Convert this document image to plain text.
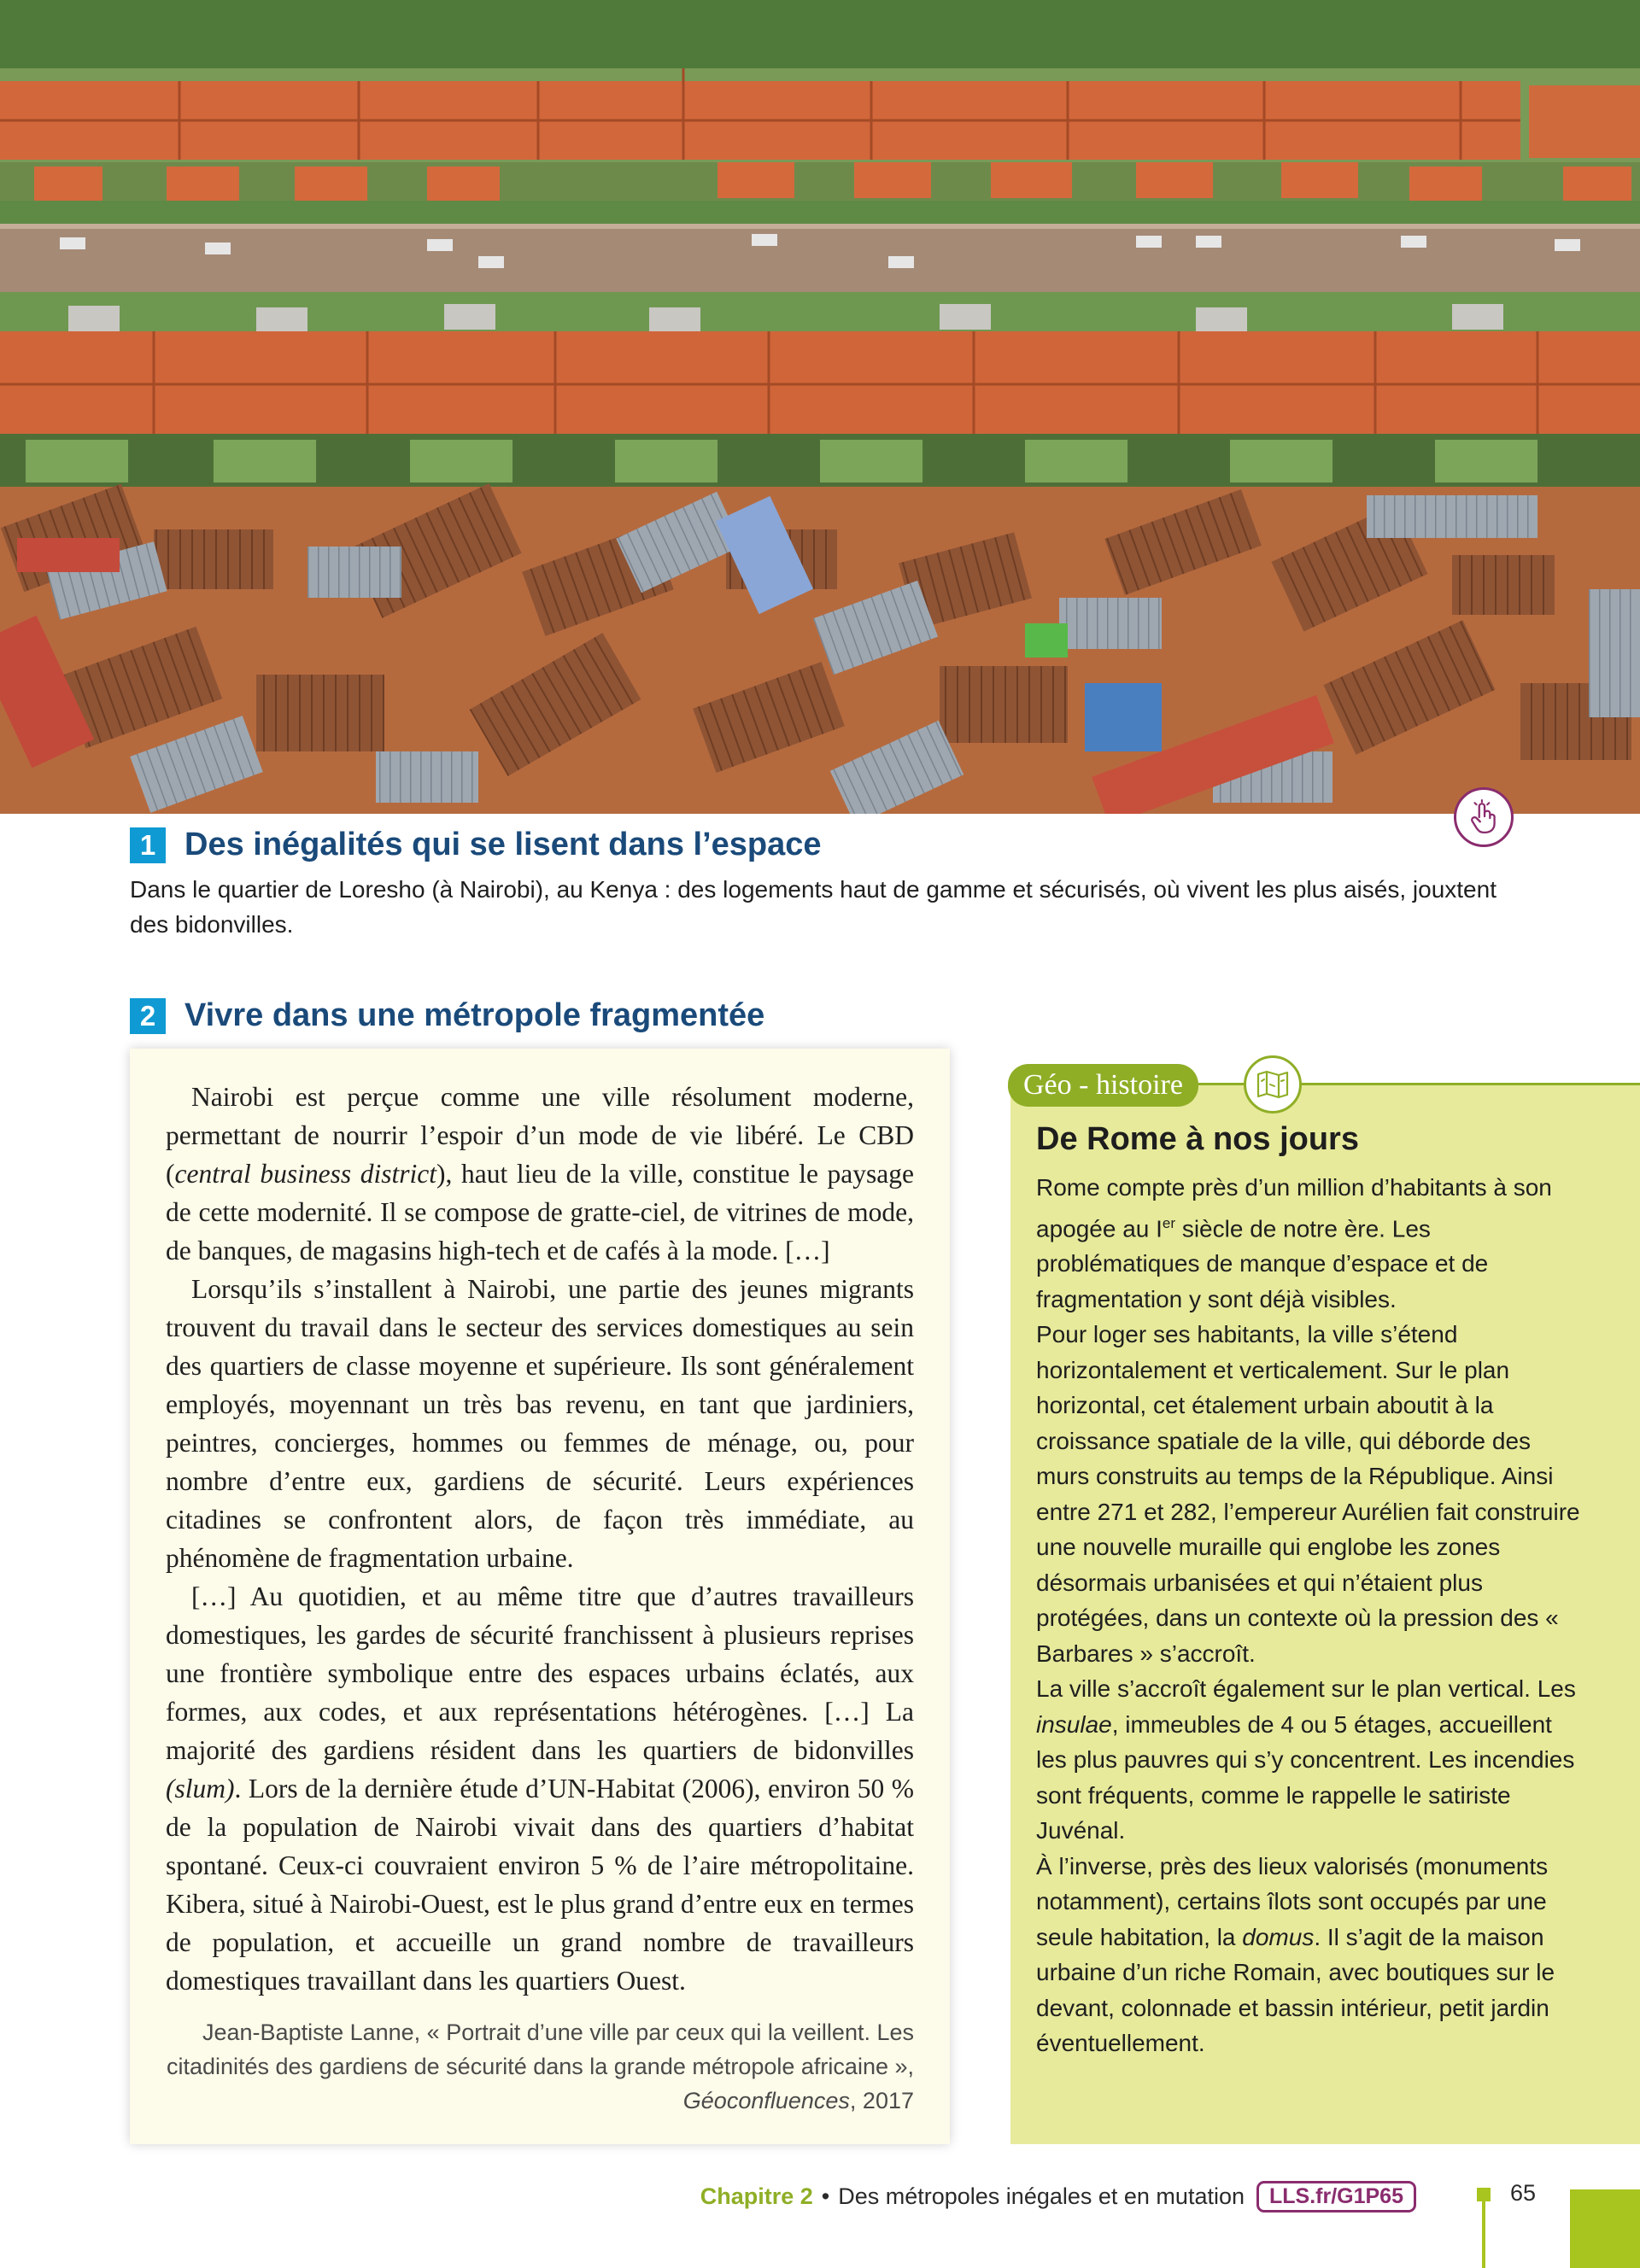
1 Des inégalités qui se lisent dans l’espace
Dans le quartier de Loresho (à Nairobi), au Kenya : des logements haut de gamme et sécurisés, où vivent les plus aisés, jouxtent des bidonvilles.
2 Vivre dans une métropole fragmentée

Nairobi est perçue comme une ville résolument moderne, permettant de nourrir l’espoir d’un mode de vie libéré. Le CBD (central business district), haut lieu de la ville, constitue le paysage de cette modernité. Il se compose de gratte-ciel, de vitrines de mode, de banques, de magasins high-tech et de cafés à la mode. […]

Lorsqu’ils s’installent à Nairobi, une partie des jeunes migrants trouvent du travail dans le secteur des services domestiques au sein des quartiers de classe moyenne et supérieure. Ils sont généralement employés, moyennant un très bas revenu, en tant que jardiniers, peintres, concierges, hommes ou femmes de ménage, ou, pour nombre d’entre eux, gardiens de sécurité. Leurs expériences citadines se confrontent alors, de façon très immédiate, au phénomène de fragmentation urbaine.

[…] Au quotidien, et au même titre que d’autres travailleurs domestiques, les gardes de sécurité franchissent à plusieurs reprises une frontière symbolique entre des espaces urbains éclatés, aux formes, aux codes, et aux représentations hétérogènes. […] La majorité des gardiens résident dans les quartiers de bidonvilles (slum). Lors de la dernière étude d’UN-Habitat (2006), environ 50 % de la population de Nairobi vivait dans des quartiers d’habitat spontané. Ceux-ci couvraient environ 5 % de l’aire métropolitaine. Kibera, situé à Nairobi-Ouest, est le plus grand d’entre eux en termes de population, et accueille un grand nombre de travailleurs domestiques travaillant dans les quartiers Ouest.

Jean-Baptiste Lanne, « Portrait d’une ville par ceux qui la veillent. Les citadinités des gardiens de sécurité dans la grande métropole africaine », Géoconfluences, 2017
Géo - histoire
De Rome à nos jours

Rome compte près d’un million d’habitants à son apogée au Ier siècle de notre ère. Les problématiques de manque d’espace et de fragmentation y sont déjà visibles.

Pour loger ses habitants, la ville s’étend horizontalement et verticalement. Sur le plan horizontal, cet étalement urbain aboutit à la croissance spatiale de la ville, qui déborde des murs construits au temps de la République. Ainsi entre 271 et 282, l’empereur Aurélien fait construire une nouvelle muraille qui englobe les zones désormais urbanisées et qui n’étaient plus protégées, dans un contexte où la pression des « Barbares » s’accroît.

La ville s’accroît également sur le plan vertical. Les insulae, immeubles de 4 ou 5 étages, accueillent les plus pauvres qui s’y concentrent. Les incendies sont fréquents, comme le rappelle le satiriste Juvénal.

À l’inverse, près des lieux valorisés (monuments notamment), certains îlots sont occupés par une seule habitation, la domus. Il s’agit de la maison urbaine d’un riche Romain, avec boutiques sur le devant, colonnade et bassin intérieur, petit jardin éventuellement.

Chapitre 2 • Des métropoles inégales et en mutation	LLS.fr/G1P65	65
